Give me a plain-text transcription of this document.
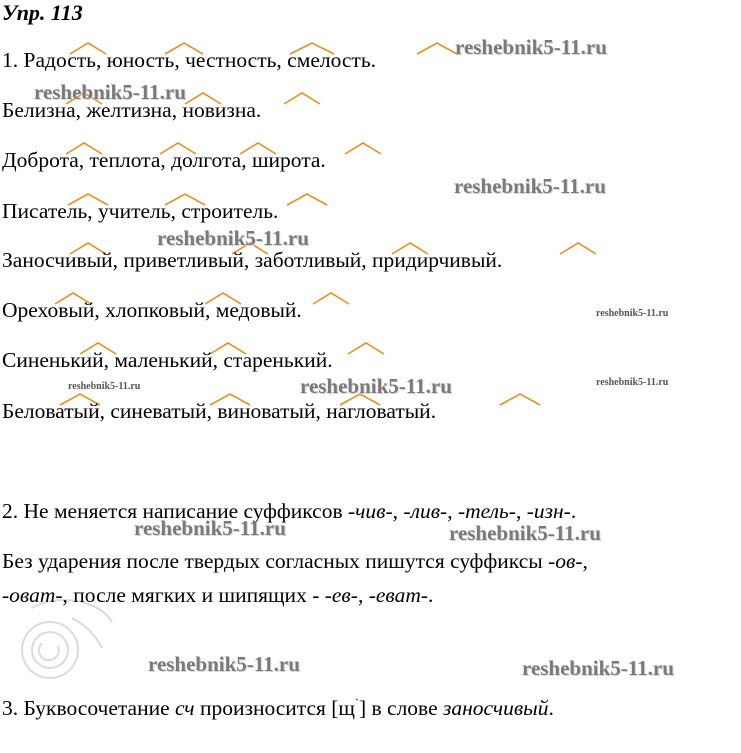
Упр. 113
1. Радость, юность, честность, смелость.
Белизна, желтизна, новизна.
Доброта, теплота, долгота, широта.
Писатель, учитель, строитель.
Заносчивый, приветливый, заботливый, придирчивый.
Ореховый, хлопковый, медовый.
Синенький, маленький, старенький.
Беловатый, синеватый, виноватый, нагловатый.
2. Не меняется написание суффиксов -чив-, -лив-, -тель-, -изн-.
Без ударения после твердых согласных пишутся суффиксы -ов-,
-оват-, после мягких и шипящих - -ев-, -еват-.
3. Буквосочетание сч произносится $[щ^ˋ]$ в слове заносчивый.
reshebnik5-11.ru
reshebnik5-11.ru
reshebnik5-11.ru
reshebnik5-11.ru
reshebnik5-11.ru
reshebnik5-11.ru	reshebnik5-11.ru	reshebnik5-11.ru
reshebnik5-11.ru	reshebnik5-11.ru
reshebnik5-11.ru	reshebnik5-11.ru
